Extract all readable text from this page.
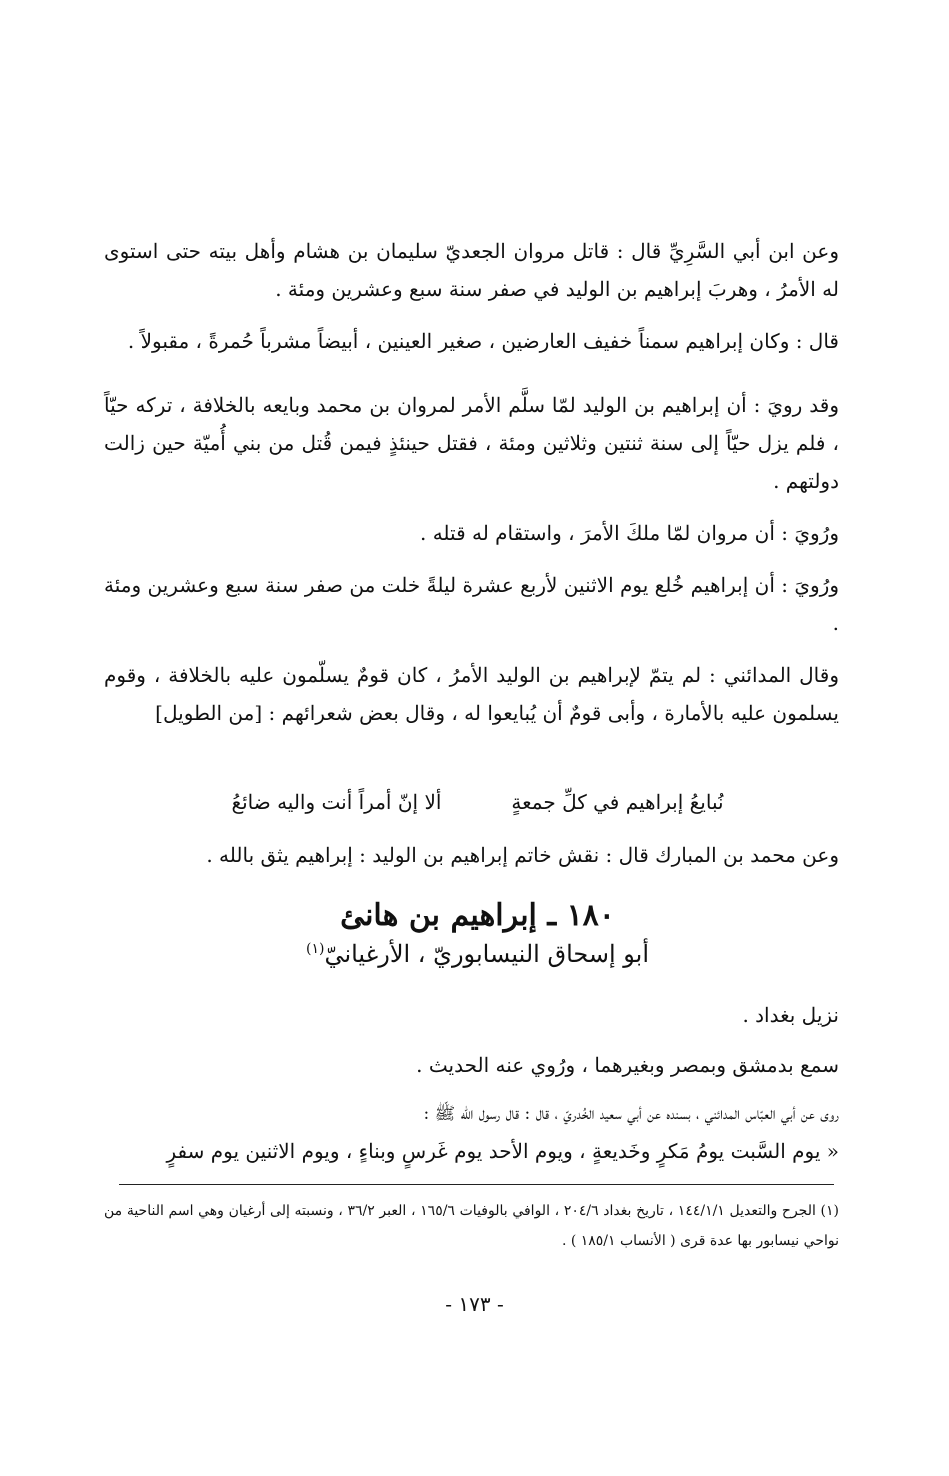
وعن ابن أبي السَّرِيِّ قال : قاتل مروان الجعديّ سليمان بن هشام وأهل بيته حتى استوى له الأمرُ ، وهربَ إبراهيم بن الوليد في صفر سنة سبع وعشرين ومئة .

قال : وكان إبراهيم سمناً خفيف العارضين ، صغير العينين ، أبيضاً مشرباً حُمرةً ، مقبولاً .

وقد رويَ : أن إبراهيم بن الوليد لمّا سلَّم الأمر لمروان بن محمد وبايعه بالخلافة ، تركه حيّاً ، فلم يزل حيّاً إلى سنة ثنتين وثلاثين ومئة ، فقتل حينئذٍ فيمن قُتل من بني أُميّة حين زالت دولتهم .

ورُويَ : أن مروان لمّا ملكَ الأمرَ ، واستقام له قتله .

ورُويَ : أن إبراهيم خُلع يوم الاثنين لأربع عشرة ليلةً خلت من صفر سنة سبع وعشرين ومئة .

وقال المدائني : لم يتمّ لإبراهيم بن الوليد الأمرُ ، كان قومٌ يسلّمون عليه بالخلافة ، وقوم يسلمون عليه بالأمارة ، وأبى قومٌ أن يُبايعوا له ، وقال بعض شعرائهم : [من الطويل]

نُبايعُ إبراهيم في كلِّ جمعةٍ
ألا إنّ أمراً أنت واليه ضائعُ

وعن محمد بن المبارك قال : نقش خاتم إبراهيم بن الوليد : إبراهيم يثق بالله .

١٨٠ ـ إبراهيم بن هانئ
أبو إسحاق النيسابوريّ ، الأرغيانيّ$^{(١)}$

نزيل بغداد .

سمع بدمشق وبمصر وبغيرهما ، ورُوي عنه الحديث .

روى عن أبي العبّاس المدائني ، بسنده عن أبي سعيد الخُدريّ ، قال : قال رسول الله ﷺ :

« يوم السَّبت يومُ مَكرٍ وخَديعةٍ ، ويوم الأحد يوم غَرسٍ وبناءٍ ، ويوم الاثنين يوم سفرٍ

(١) الجرح والتعديل ١٤٤/١/١ ، تاريخ بغداد ٢٠٤/٦ ، الوافي بالوفيات ١٦٥/٦ ، العبر ٣٦/٢ ، ونسبته إلى أرغيان وهي اسم الناحية من نواحي نيسابور بها عدة قرى ( الأنساب ١٨٥/١ ) .

- ١٧٣ -
